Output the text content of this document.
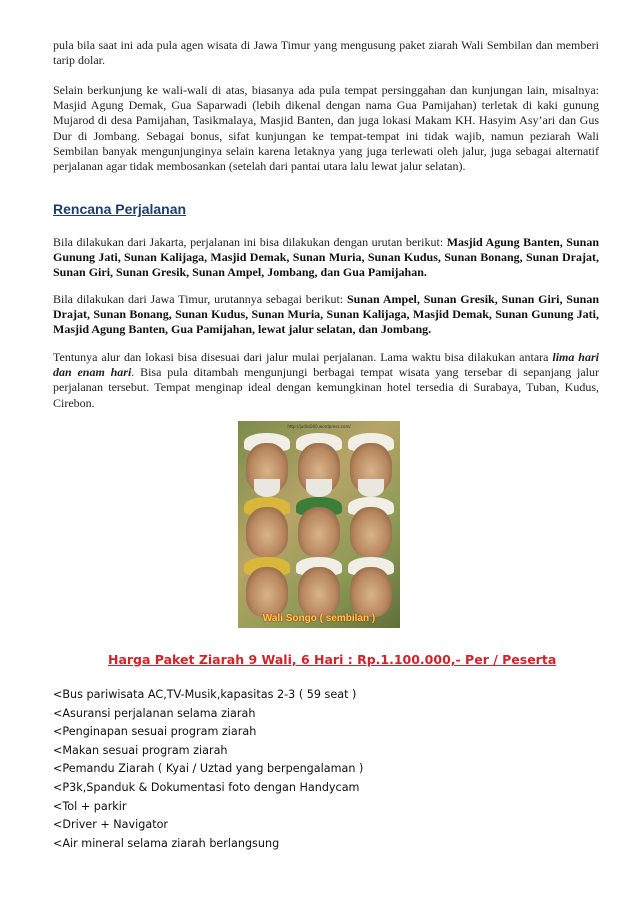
pula bila saat ini ada pula agen wisata di Jawa Timur yang mengusung paket ziarah Wali Sembilan dan memberi tarip dolar.

Selain berkunjung ke wali-wali di atas, biasanya ada pula tempat persinggahan dan kunjungan lain, misalnya: Masjid Agung Demak, Gua Saparwadi (lebih dikenal dengan nama Gua Pamijahan) terletak di kaki gunung Mujarod di desa Pamijahan, Tasikmalaya, Masjid Banten, dan juga lokasi Makam KH. Hasyim Asy’ari dan Gus Dur di Jombang. Sebagai bonus, sifat kunjungan ke tempat-tempat ini tidak wajib, namun peziarah Wali Sembilan banyak mengunjunginya selain karena letaknya yang juga terlewati oleh jalur, juga sebagai alternatif perjalanan agar tidak membosankan (setelah dari pantai utara lalu lewat jalur selatan).

Rencana Perjalanan

Bila dilakukan dari Jakarta, perjalanan ini bisa dilakukan dengan urutan berikut: Masjid Agung Banten, Sunan Gunung Jati, Sunan Kalijaga, Masjid Demak, Sunan Muria, Sunan Kudus, Sunan Bonang, Sunan Drajat, Sunan Giri, Sunan Gresik, Sunan Ampel, Jombang, dan Gua Pamijahan.

Bila dilakukan dari Jawa Timur, urutannya sebagai berikut: Sunan Ampel, Sunan Gresik, Sunan Giri, Sunan Drajat, Sunan Bonang, Sunan Kudus, Sunan Muria, Sunan Kalijaga, Masjid Demak, Sunan Gunung Jati, Masjid Agung Banten, Gua Pamijahan, lewat jalur selatan, dan Jombang.

Tentunya alur dan lokasi bisa disesuai dari jalur mulai perjalanan. Lama waktu bisa dilakukan antara lima hari dan enam hari. Bisa pula ditambah mengunjungi berbagai tempat wisata yang tersebar di sepanjang jalur perjalanan tersebut. Tempat menginap ideal dengan kemungkinan hotel tersedia di Surabaya, Tuban, Kudus, Cirebon.

http://judisi000.wordpress.com/
Wali Songo ( sembilan )
Harga Paket Ziarah 9 Wali, 6 Hari : Rp.1.100.000,- Per / Peserta
<Bus pariwisata AC,TV-Musik,kapasitas 2-3 ( 59 seat )
<Asuransi perjalanan selama ziarah
<Penginapan sesuai program ziarah
<Makan sesuai program ziarah
<Pemandu Ziarah ( Kyai / Uztad yang berpengalaman )
<P3k,Spanduk & Dokumentasi foto dengan Handycam
<Tol + parkir
<Driver + Navigator
<Air mineral selama ziarah berlangsung
